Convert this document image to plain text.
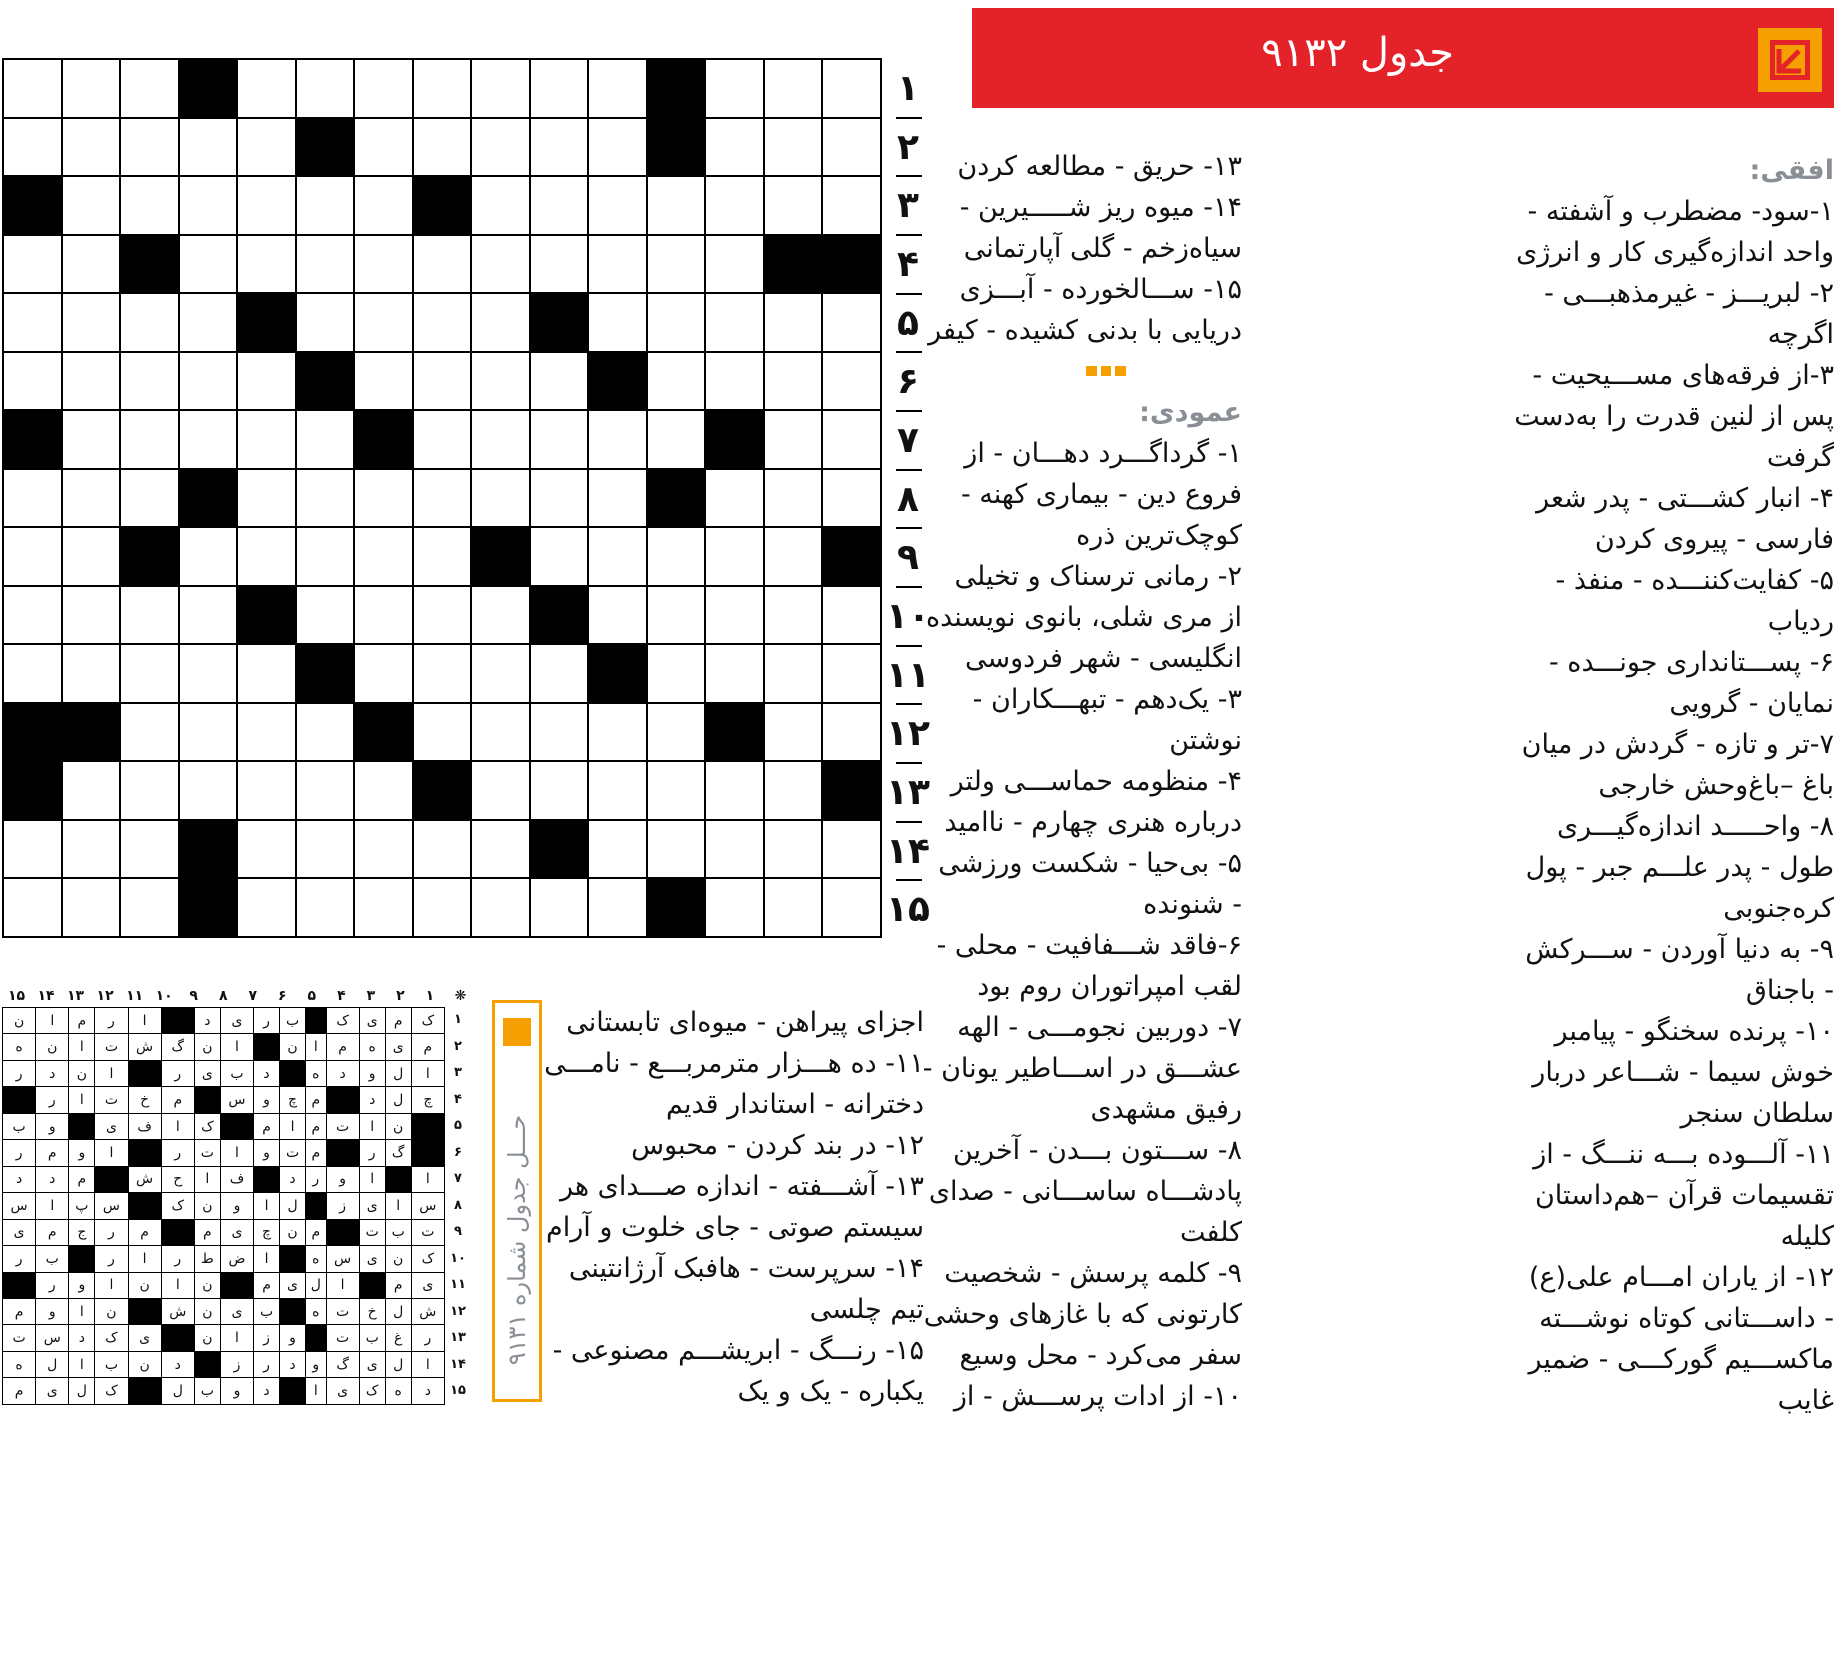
۱
۲
۳
۴
۵
۶
۷
۸
۹
۱۰
۱۱
۱۲
۱۳
۱۴
۱۵
جدول ۹۱۳۲

افقی:

۱-سود- مضطرب و آشفته -

واحد اندازه‌گیری کار و انرژی

۲- لبریـــز - غیرمذهبـــی -

اگرچه

۳-از فرقه‌های مســـیحیت -

پس از لنین قدرت را به‌دست

گرفت

۴- انبار کشـــتی - پدر شعر

فارسی - پیروی کردن

۵- کفایت‌کننـــده - منفذ -

ردیاب

۶- پســـتانداری جونـــده -

نمایان - گرویی

۷-تر و تازه - گردش در میان

باغ –باغ‌وحش خارجی

۸- واحـــــد اندازه‌گیـــری

طول - پدر علـــم جبر - پول

کره‌جنوبی

۹- به دنیا آوردن - ســـرکش

- باجناق

۱۰- پرنده سخنگو - پیامبر

خوش سیما - شـــاعر دربار

سلطان سنجر

۱۱- آلـــوده بـــه ننـــگ - از

تقسیمات قرآن –هم‌داستان

کلیله

۱۲- از یاران امـــام علی(ع)

- داســـتانی کوتاه نوشـــته

ماکســـیم گورکـــی - ضمیر

غایب

۱۳- حریق - مطالعه کردن

۱۴- میوه ریز شـــــیرین -

سیاه‌زخم - گلی آپارتمانی

۱۵- ســـالخورده - آبـــزی

دریایی با بدنی کشیده - کیفر

عمودی:

۱- گرداگـــرد دهـــان - از

فروع دین - بیماری کهنه -

کوچک‌ترین ذره

۲- رمانی ترسناک و تخیلی

از مری شلی، بانوی نویسنده

انگلیسی - شهر فردوسی

۳- یک‌دهم - تبهـــکاران -

نوشتن

۴- منظومه حماســـی ولتر

درباره هنری چهارم - ناامید

۵- بی‌حیا - شکست ورزشی

- شنونده

۶-فاقد شـــفافیت - محلی -

لقب امپراتوران روم بود

۷- دوربین نجومـــی - الهه

عشـــق در اســـاطیر یونان -

رفیق مشهدی

۸- ســـتون بـــدن - آخرین

پادشـــاه ساســـانی - صدای

کلفت

۹- کلمه پرسش - شخصیت

کارتونی که با غازهای وحشی

سفر می‌کرد - محل وسیع

۱۰- از ادات پرســـش - از

اجزای پیراهن - میوه‌ای تابستانی

۱۱- ده هـــزار مترمربـــع - نامـــی

دخترانه - استاندار قدیم

۱۲- در بند کردن - محبوس

۱۳- آشـــفته - اندازه صـــدای هر

سیستم صوتی - جای خلوت و آرام

۱۴- سرپرست - هافبک آرژانتینی

تیم چلسی

۱۵- رنـــگ - ابریشـــم مصنوعی -

یکباره - یک و یک

حـــل جدول شماره ۹۱۳۱
❋
۱
۲
۳
۴
۵
۶
۷
۸
۹
۱۰
۱۱
۱۲
۱۳
۱۴
۱۵
۱
۲
۳
۴
۵
۶
۷
۸
۹
۱۰
۱۱
۱۲
۱۳
۱۴
۱۵
ن	ا	م	ر	ا		د	ی	ر	ب		ک	ی	م	ک
ه	ن	ا	ت	ش	گ	ن	ا		ن	ا	م	ه	ی	م
ر	د	ن	ا		ر	ی	ب	د		ه	د	و	ل	ا
	ر	ا	ت	خ	م		س	و	چ	م		د	ل	چ
ب	و		ی	ف	ا	ک		م	ا	م	ت	ا	ن	
ر	م	و	ا		ر	ت	ا	و	ت	م		ر	گ	
د	د	م		ش	ح	ا	ف		د	ر	و	ا		ا
س	ا	پ	س		ک	ن	و	ا	ل		ز	ی	ا	س
ی	م	ج	ر	م		م	ی	چ	ن	م		ت	ب	ت
ر	ب		ر	ا	ر	ط	ض	ا		ه	س	ی	ن	ک
	ر	و	ا	ن	ا	ن		م	ی	ل	ا		م	ی
م	و	ا	ن		ش	ن	ی	ب		ه	ت	خ	ل	ش
ت	س	د	ک	ی		ن	ا	ز	و		ت	ب	غ	ر
ه	ل	ا	ب	ن	د		ز	ر	د	و	گ	ی	ل	ا
م	ی	ل	ک		ل	ب	و	د		ا	ی	ک	ه	د
